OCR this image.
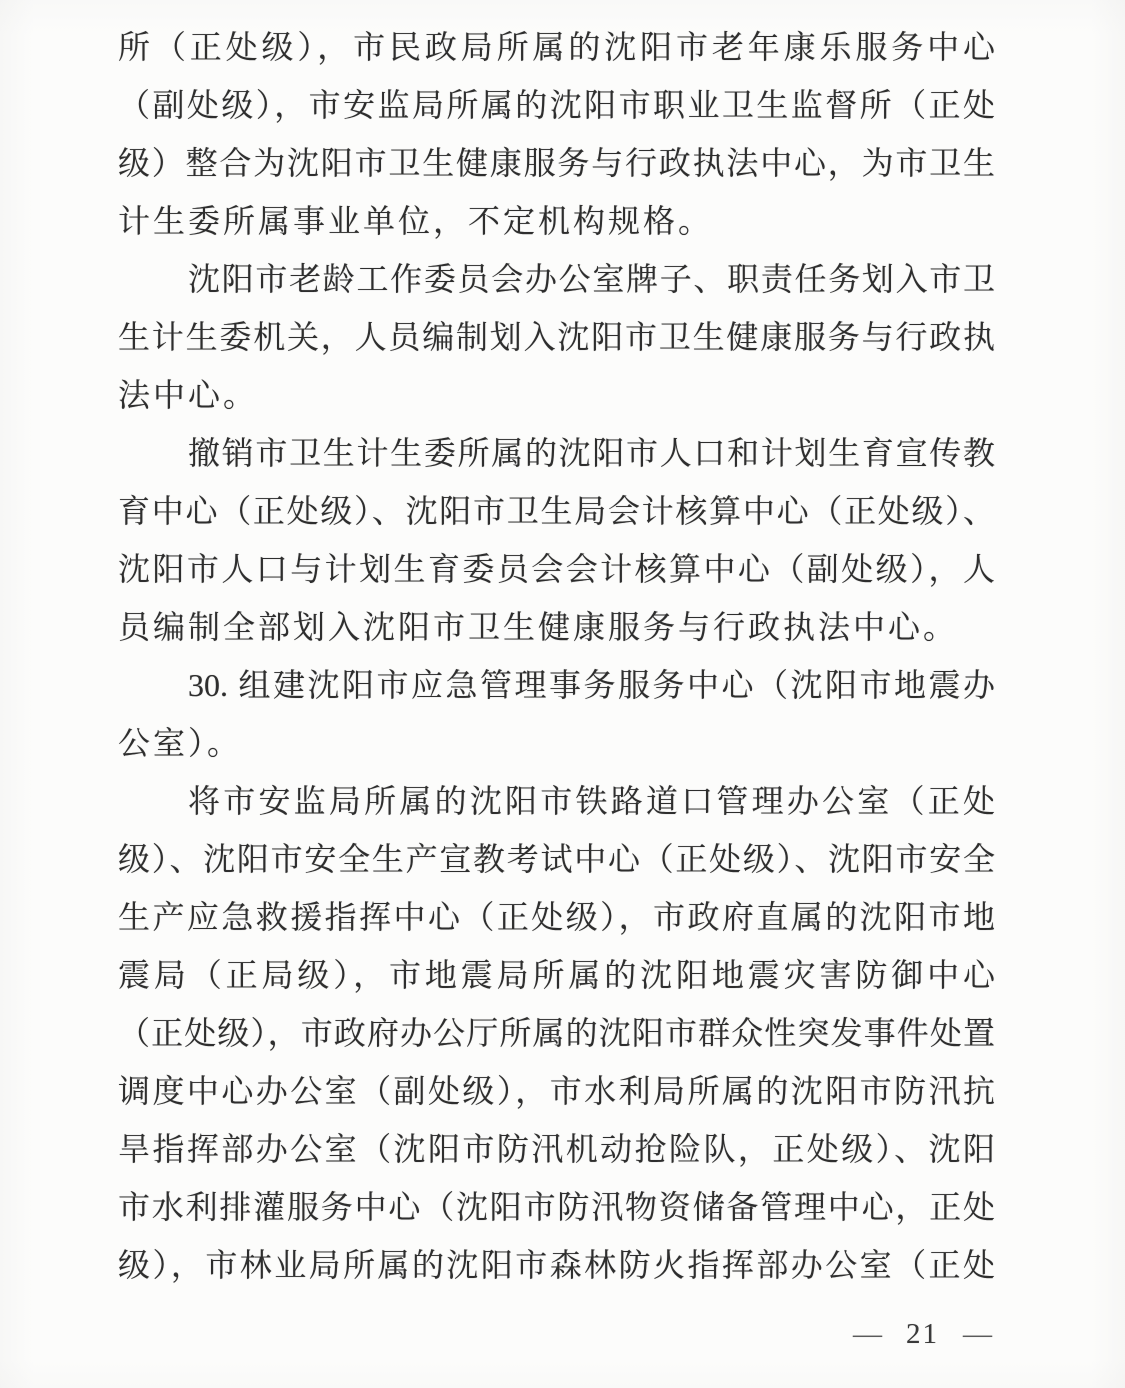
所（正处级），市民政局所属的沈阳市老年康乐服务中心
（副处级），市安监局所属的沈阳市职业卫生监督所（正处
级）整合为沈阳市卫生健康服务与行政执法中心，为市卫生
计生委所属事业单位，不定机构规格。
沈阳市老龄工作委员会办公室牌子、职责任务划入市卫
生计生委机关，人员编制划入沈阳市卫生健康服务与行政执
法中心。
撤销市卫生计生委所属的沈阳市人口和计划生育宣传教
育中心（正处级）、沈阳市卫生局会计核算中心（正处级）、
沈阳市人口与计划生育委员会会计核算中心（副处级），人
员编制全部划入沈阳市卫生健康服务与行政执法中心。
30. 组建沈阳市应急管理事务服务中心（沈阳市地震办
公室）。
将市安监局所属的沈阳市铁路道口管理办公室（正处
级）、沈阳市安全生产宣教考试中心（正处级）、沈阳市安全
生产应急救援指挥中心（正处级），市政府直属的沈阳市地
震局（正局级），市地震局所属的沈阳地震灾害防御中心
（正处级），市政府办公厅所属的沈阳市群众性突发事件处置
调度中心办公室（副处级），市水利局所属的沈阳市防汛抗
旱指挥部办公室（沈阳市防汛机动抢险队，正处级）、沈阳
市水利排灌服务中心（沈阳市防汛物资储备管理中心，正处
级），市林业局所属的沈阳市森林防火指挥部办公室（正处
— 21 —
